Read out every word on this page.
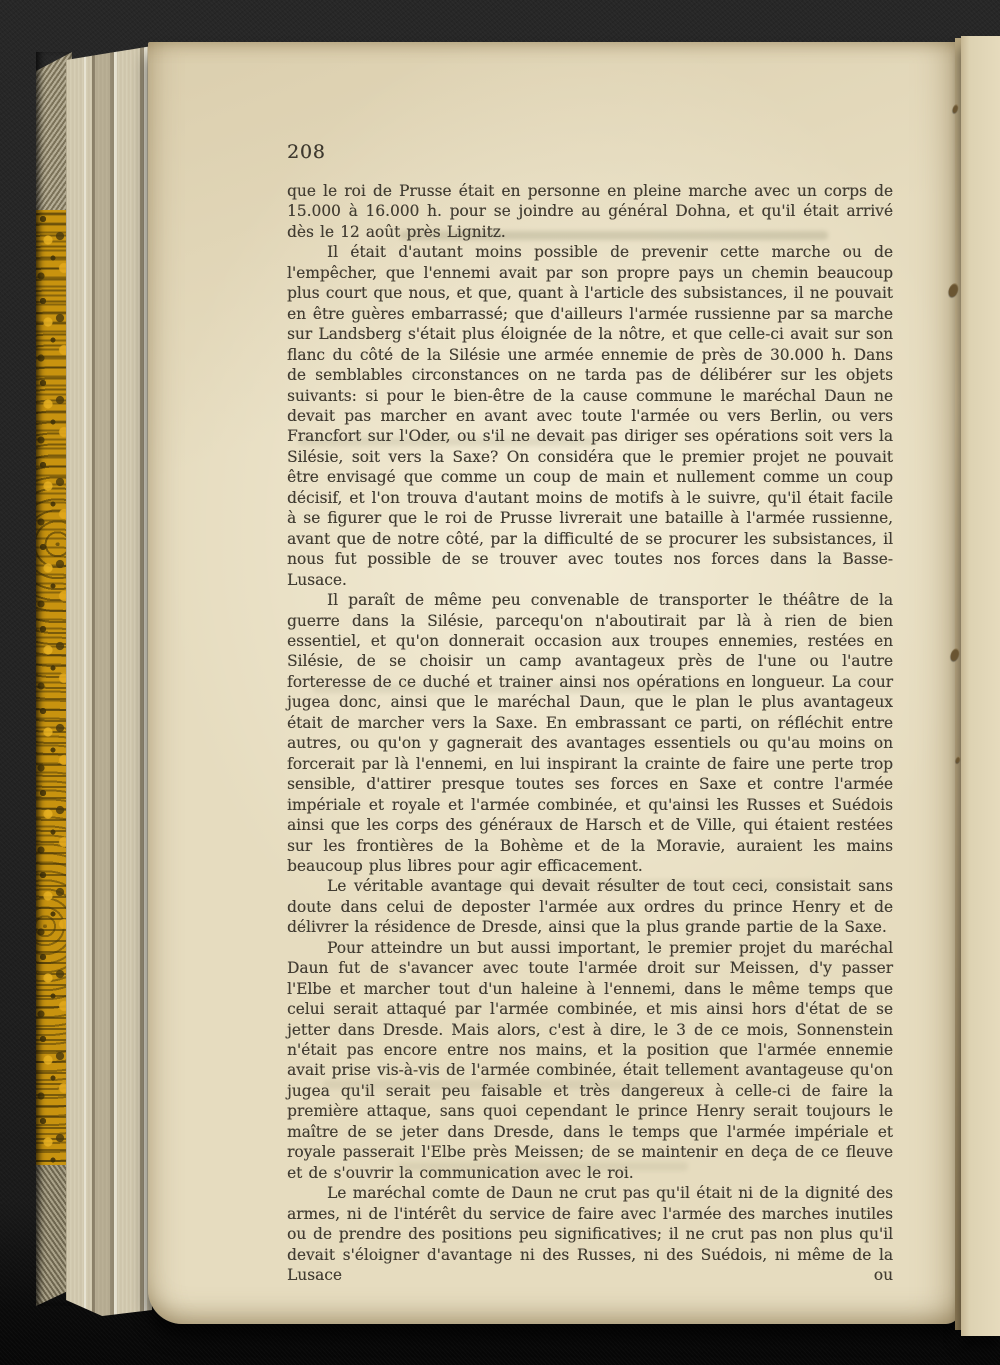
208

que le roi de Prusse était en personne en pleine marche avec un corps de 15.000 à 16.000 h. pour se joindre au général Dohna, et qu'il était arrivé dès le 12 août près Lignitz.

Il était d'autant moins possible de prevenir cette marche ou de l'empêcher, que l'ennemi avait par son propre pays un chemin beaucoup plus court que nous, et que, quant à l'article des subsistances, il ne pouvait en être guères embarrassé; que d'ailleurs l'armée russienne par sa marche sur Landsberg s'était plus éloignée de la nôtre, et que celle-ci avait sur son flanc du côté de la Silésie une armée ennemie de près de 30.000 h. Dans de semblables circonstances on ne tarda pas de délibérer sur les objets suivants: si pour le bien-être de la cause commune le maréchal Daun ne devait pas marcher en avant avec toute l'armée ou vers Berlin, ou vers Francfort sur l'Oder, ou s'il ne devait pas diriger ses opérations soit vers la Silésie, soit vers la Saxe? On considéra que le premier projet ne pouvait être envisagé que comme un coup de main et nullement comme un coup décisif, et l'on trouva d'autant moins de motifs à le suivre, qu'il était facile à se figurer que le roi de Prusse livrerait une bataille à l'armée russienne, avant que de notre côté, par la difficulté de se procurer les subsistances, il nous fut possible de se trouver avec toutes nos forces dans la Basse-Lusace.

Il paraît de même peu convenable de transporter le théâtre de la guerre dans la Silésie, parcequ'on n'aboutirait par là à rien de bien essentiel, et qu'on donnerait occasion aux troupes ennemies, restées en Silésie, de se choisir un camp avantageux près de l'une ou l'autre forteresse de ce duché et trainer ainsi nos opérations en longueur. La cour jugea donc, ainsi que le maréchal Daun, que le plan le plus avantageux était de marcher vers la Saxe. En embrassant ce parti, on réfléchit entre autres, ou qu'on y gagnerait des avantages essentiels ou qu'au moins on forcerait par là l'ennemi, en lui inspirant la crainte de faire une perte trop sensible, d'attirer presque toutes ses forces en Saxe et contre l'armée impériale et royale et l'armée combinée, et qu'ainsi les Russes et Suédois ainsi que les corps des généraux de Harsch et de Ville, qui étaient restées sur les frontières de la Bohème et de la Moravie, auraient les mains beaucoup plus libres pour agir efficacement.

Le véritable avantage qui devait résulter de tout ceci, consistait sans doute dans celui de deposter l'armée aux ordres du prince Henry et de délivrer la résidence de Dresde, ainsi que la plus grande partie de la Saxe.

Pour atteindre un but aussi important, le premier projet du maréchal Daun fut de s'avancer avec toute l'armée droit sur Meissen, d'y passer l'Elbe et marcher tout d'un haleine à l'ennemi, dans le même temps que celui serait attaqué par l'armée combinée, et mis ainsi hors d'état de se jetter dans Dresde. Mais alors, c'est à dire, le 3 de ce mois, Sonnenstein n'était pas encore entre nos mains, et la position que l'armée ennemie avait prise vis-à-vis de l'armée combinée, était tellement avantageuse qu'on jugea qu'il serait peu faisable et très dangereux à celle-ci de faire la première attaque, sans quoi cependant le prince Henry serait toujours le maître de se jeter dans Dresde, dans le temps que l'armée impériale et royale passerait l'Elbe près Meissen; de se maintenir en deça de ce fleuve et de s'ouvrir la communication avec le roi.

Le maréchal comte de Daun ne crut pas qu'il était ni de la dignité des armes, ni de l'intérêt du service de faire avec l'armée des marches inutiles ou de prendre des positions peu significatives; il ne crut pas non plus qu'il devait s'éloigner d'avantage ni des Russes, ni des Suédois, ni même de la Lusace ou
